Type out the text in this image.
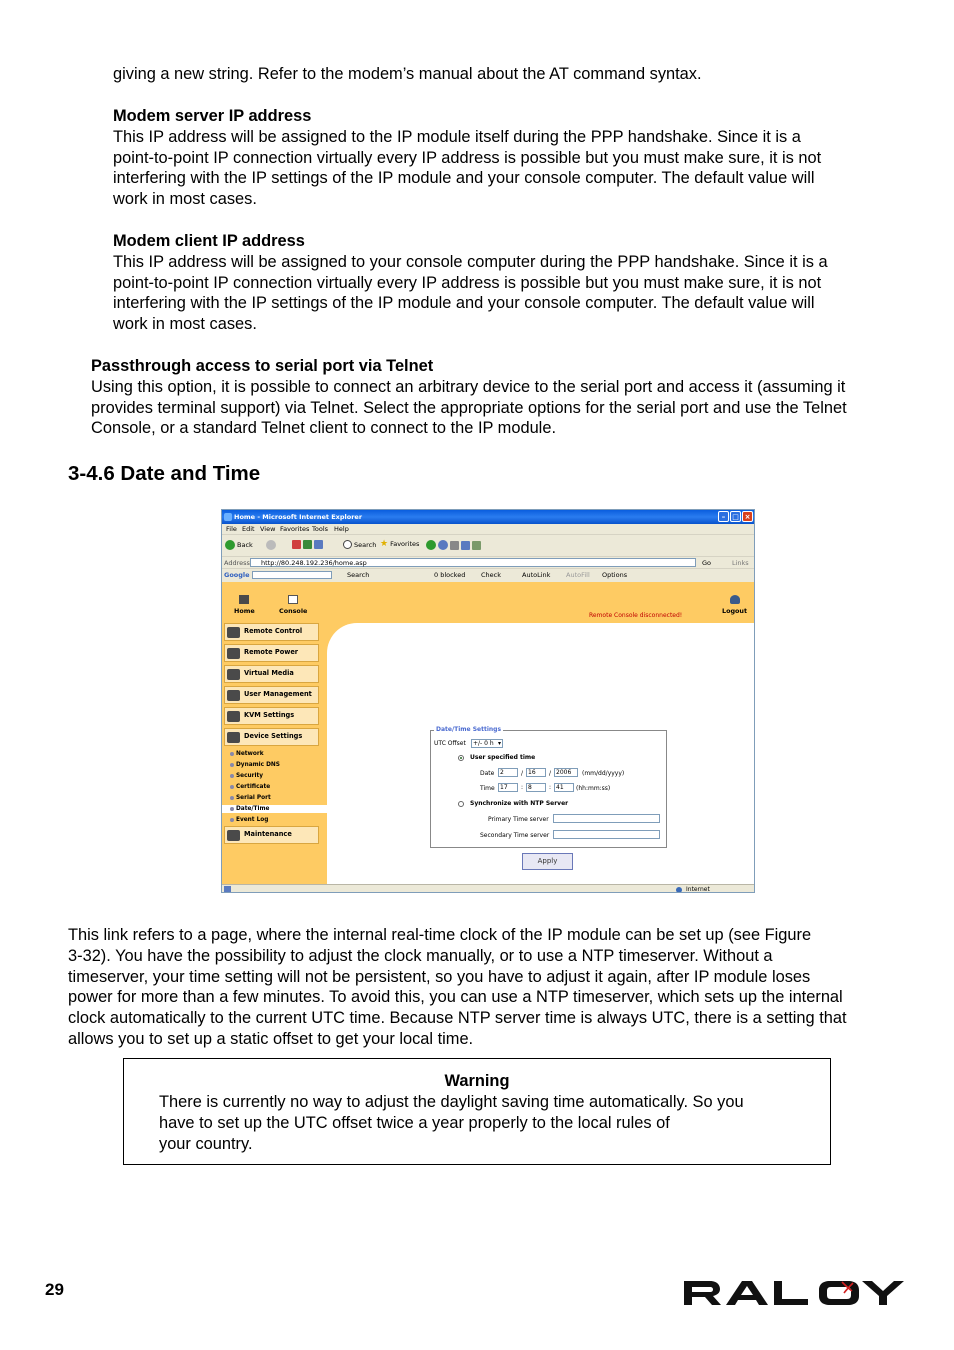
giving a new string. Refer to the modem’s manual about the AT command syntax.

Modem server IP address

This IP address will be assigned to the IP module itself during the PPP handshake. Since it is a

point-to-point IP connection virtually every IP address is possible but you must make sure, it is not

interfering with the IP settings of the IP module and your console computer. The default value will

work in most cases.

Modem client IP address

This IP address will be assigned to your console computer during the PPP handshake. Since it is a

point-to-point IP connection virtually every IP address is possible but you must make sure, it is not

interfering with the IP settings of the IP module and your console computer. The default value will

work in most cases.

Passthrough access to serial port via Telnet

Using this option, it is possible to connect an arbitrary device to the serial port and access it (assuming it

provides terminal support) via Telnet. Select the appropriate options for the serial port and use the Telnet

Console, or a standard Telnet client to connect to the IP module.

3-4.6 Date and Time
Home - Microsoft Internet Explorer	– □ ×
File Edit View Favorites Tools Help
Back	Search ★ Favorites
Address http://80.248.192.236/home.asp	Go	Links
Google	Search	0 blocked Check	AutoLink AutoFill Options
Home	Console
Remote Console disconnected!
Logout
Remote Control
Remote Power
Virtual Media
User Management
KVM Settings
Device Settings
Network
Dynamic DNS
Security
Certificate
Serial Port
Date/Time
Event Log
Maintenance
Date/Time Settings
UTC Offset	+/- 0 h ▾
User specified time
Date 2	/ 16	/ 2006	(mm/dd/yyyy)
Time 17	: 8	: 41	(hh:mm:ss)
Synchronize with NTP Server
Primary Time server
Secondary Time server
Apply
Internet

This link refers to a page, where the internal real-time clock of the IP module can be set up (see Figure

3-32). You have the possibility to adjust the clock manually, or to use a NTP timeserver. Without a

timeserver, your time setting will not be persistent, so you have to adjust it again, after IP module loses

power for more than a few minutes. To avoid this, you can use a NTP timeserver, which sets up the internal

clock automatically to the current UTC time. Because NTP server time is always UTC, there is a setting that

allows you to set up a static offset to get your local time.

Warning

There is currently no way to adjust the daylight saving time automatically. So you

have to set up the UTC offset twice a year properly to the local rules of

your country.

29
